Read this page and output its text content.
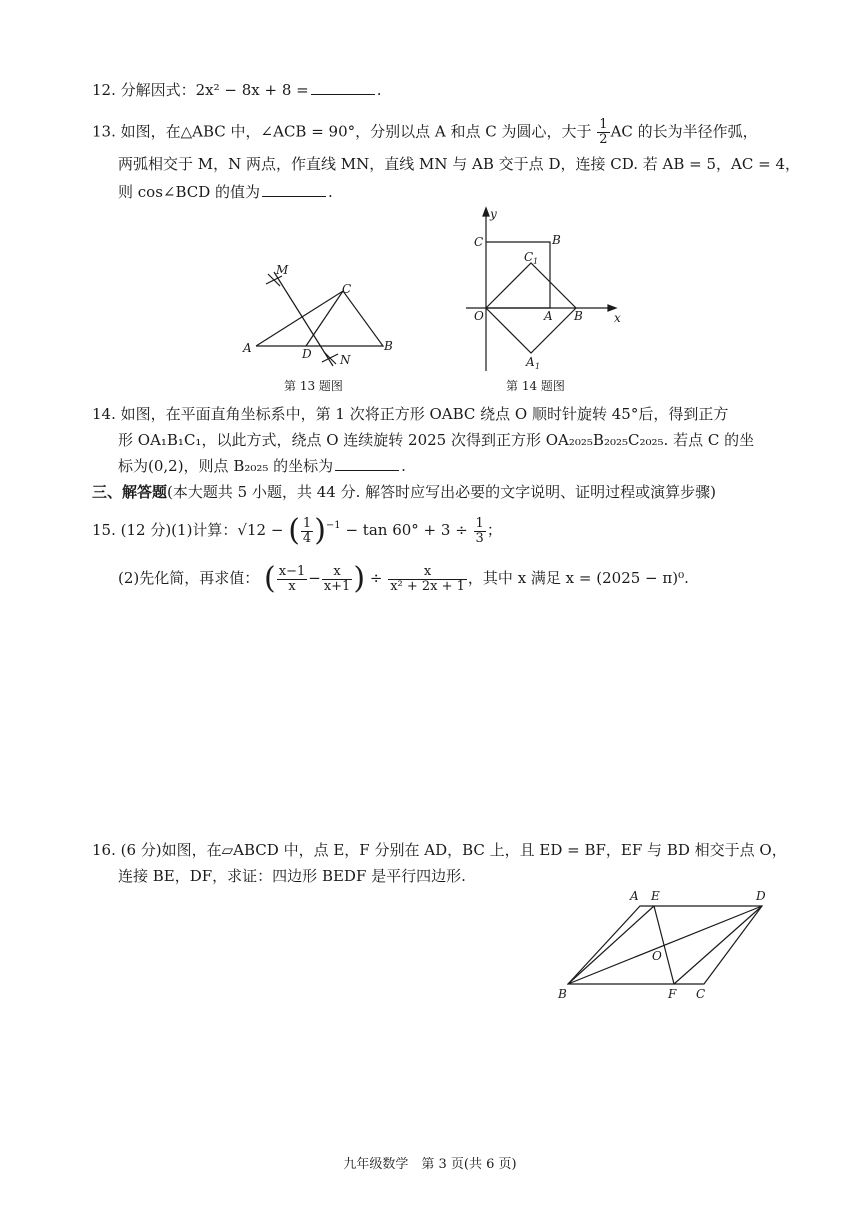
12. 分解因式：2x² − 8x + 8 =	.
13. 如图，在△ABC 中，∠ACB = 90°，分别以点 A 和点 C 为圆心，大于 $\frac{1}{2}$ AC 的长为半径作弧，
两弧相交于 M，N 两点，作直线 MN，直线 MN 与 AB 交于点 D，连接 CD. 若 AB = 5，AC = 4，
则 cos∠BCD 的值为	.
A	B
C
D
M
N
第 13 题图
y
x
O	A B
B
C
C 1
A 1
第 14 题图
14. 如图，在平面直角坐标系中，第 1 次将正方形 OABC 绕点 O 顺时针旋转 45°后，得到正方
形 OA₁B₁C₁，以此方式，绕点 O 连续旋转 2025 次得到正方形 OA₂₀₂₅B₂₀₂₅C₂₀₂₅. 若点 C 的坐
标为(0,2)，则点 B₂₀₂₅ 的坐标为	.
三、解答题(本大题共 5 小题，共 44 分. 解答时应写出必要的文字说明、证明过程或演算步骤)
15. (12 分)(1)计算：√12 − ( $\frac{1}{4} )^{-1} - \tan 60^\circ + 3 \div \frac{1}{3}$ ；
(2)先化简，再求值： ( $\frac{x-1}{x} - \frac{x}{x+1}$ ) ÷ $\frac{x}{\text{x² + 2x + 1}}$ ，其中 x 满足 x = (2025 − π)⁰.
16. (6 分)如图，在▱ABCD 中，点 E，F 分别在 AD，BC 上，且 ED = BF，EF 与 BD 相交于点 O，
连接 BE，DF，求证：四边形 BEDF 是平行四边形.
A E	D
B	F C
O
九年级数学　第 3 页(共 6 页)
